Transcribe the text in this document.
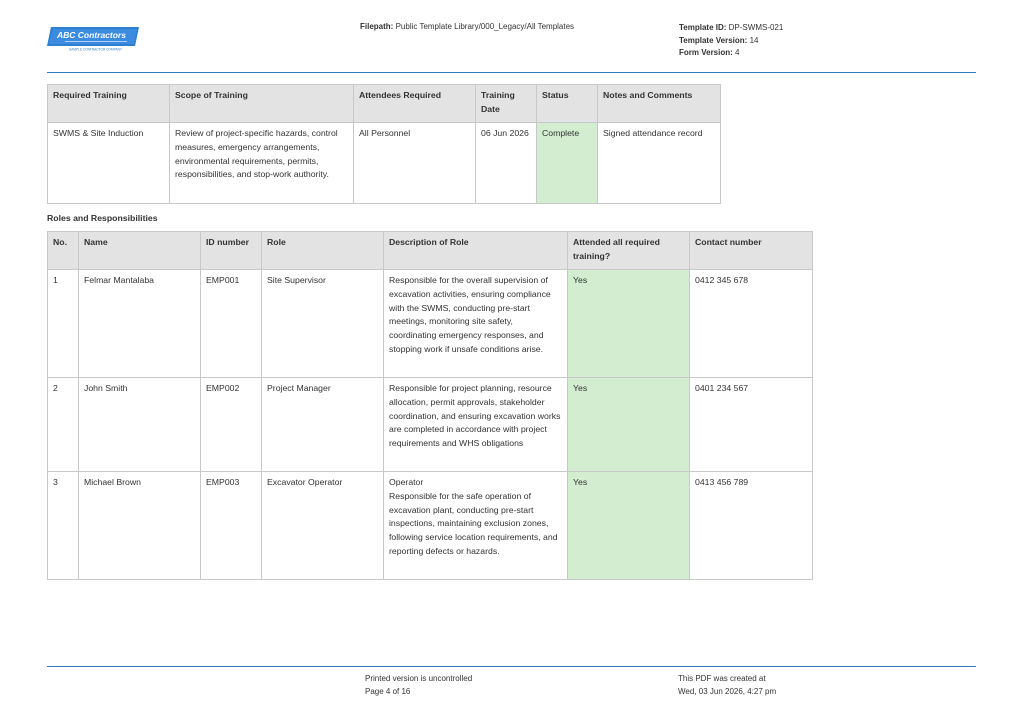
ABC Contractors
SAMPLE CONTRACTOR COMPANY
Filepath: Public Template Library/000_Legacy/All Templates	Template ID: DP-SWMS-021
Template Version: 14
Form Version: 4
Required Training	Scope of Training	Attendees Required	Training Date	Status	Notes and Comments
SWMS & Site Induction	Review of project-specific hazards, control measures, emergency arrangements, environmental requirements, permits, responsibilities, and stop-work authority.	All Personnel	06 Jun 2026	Complete	Signed attendance record
Roles and Responsibilities
No.	Name	ID number	Role	Description of Role	Attended all required training?	Contact number
1	Felmar Mantalaba	EMP001	Site Supervisor	Responsible for the overall supervision of excavation activities, ensuring compliance with the SWMS, conducting pre-start meetings, monitoring site safety, coordinating emergency responses, and stopping work if unsafe conditions arise.	Yes	0412 345 678
2	John Smith	EMP002	Project Manager	Responsible for project planning, resource allocation, permit approvals, stakeholder coordination, and ensuring excavation works are completed in accordance with project requirements and WHS obligations	Yes	0401 234 567
3	Michael Brown	EMP003	Excavator Operator	Operator
Responsible for the safe operation of excavation plant, conducting pre-start inspections, maintaining exclusion zones, following service location requirements, and reporting defects or hazards.	Yes	0413 456 789
Printed version is uncontrolled
Page 4 of 16
This PDF was created at
Wed, 03 Jun 2026, 4:27 pm
